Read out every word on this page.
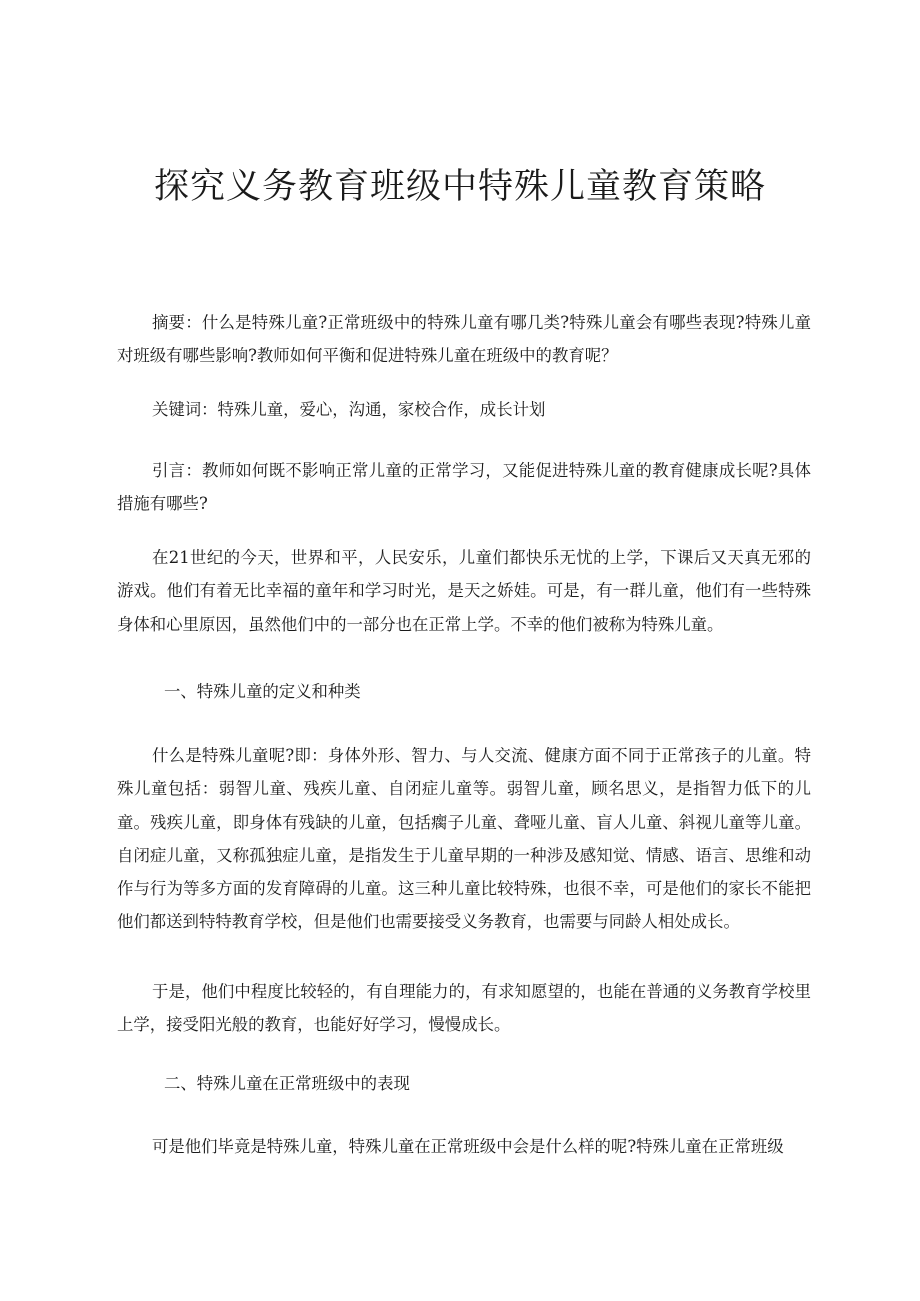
探究义务教育班级中特殊儿童教育策略

摘要：什么是特殊儿童?正常班级中的特殊儿童有哪几类?特殊儿童会有哪些表现?特殊儿童对班级有哪些影响?教师如何平衡和促进特殊儿童在班级中的教育呢？

关键词：特殊儿童，爱心，沟通，家校合作，成长计划

引言：教师如何既不影响正常儿童的正常学习，又能促进特殊儿童的教育健康成长呢?具体措施有哪些?

在21世纪的今天，世界和平，人民安乐，儿童们都快乐无忧的上学，下课后又天真无邪的游戏。他们有着无比幸福的童年和学习时光，是天之娇娃。可是，有一群儿童，他们有一些特殊身体和心里原因，虽然他们中的一部分也在正常上学。不幸的他们被称为特殊儿童。

一、特殊儿童的定义和种类

什么是特殊儿童呢?即：身体外形、智力、与人交流、健康方面不同于正常孩子的儿童。特殊儿童包括：弱智儿童、残疾儿童、自闭症儿童等。弱智儿童，顾名思义，是指智力低下的儿童。残疾儿童，即身体有残缺的儿童，包括瘸子儿童、聋哑儿童、盲人儿童、斜视儿童等儿童。自闭症儿童，又称孤独症儿童，是指发生于儿童早期的一种涉及感知觉、情感、语言、思维和动作与行为等多方面的发育障碍的儿童。这三种儿童比较特殊，也很不幸，可是他们的家长不能把他们都送到特特教育学校，但是他们也需要接受义务教育，也需要与同龄人相处成长。

于是，他们中程度比较轻的，有自理能力的，有求知愿望的，也能在普通的义务教育学校里上学，接受阳光般的教育，也能好好学习，慢慢成长。

二、特殊儿童在正常班级中的表现

可是他们毕竟是特殊儿童，特殊儿童在正常班级中会是什么样的呢?特殊儿童在正常班级
